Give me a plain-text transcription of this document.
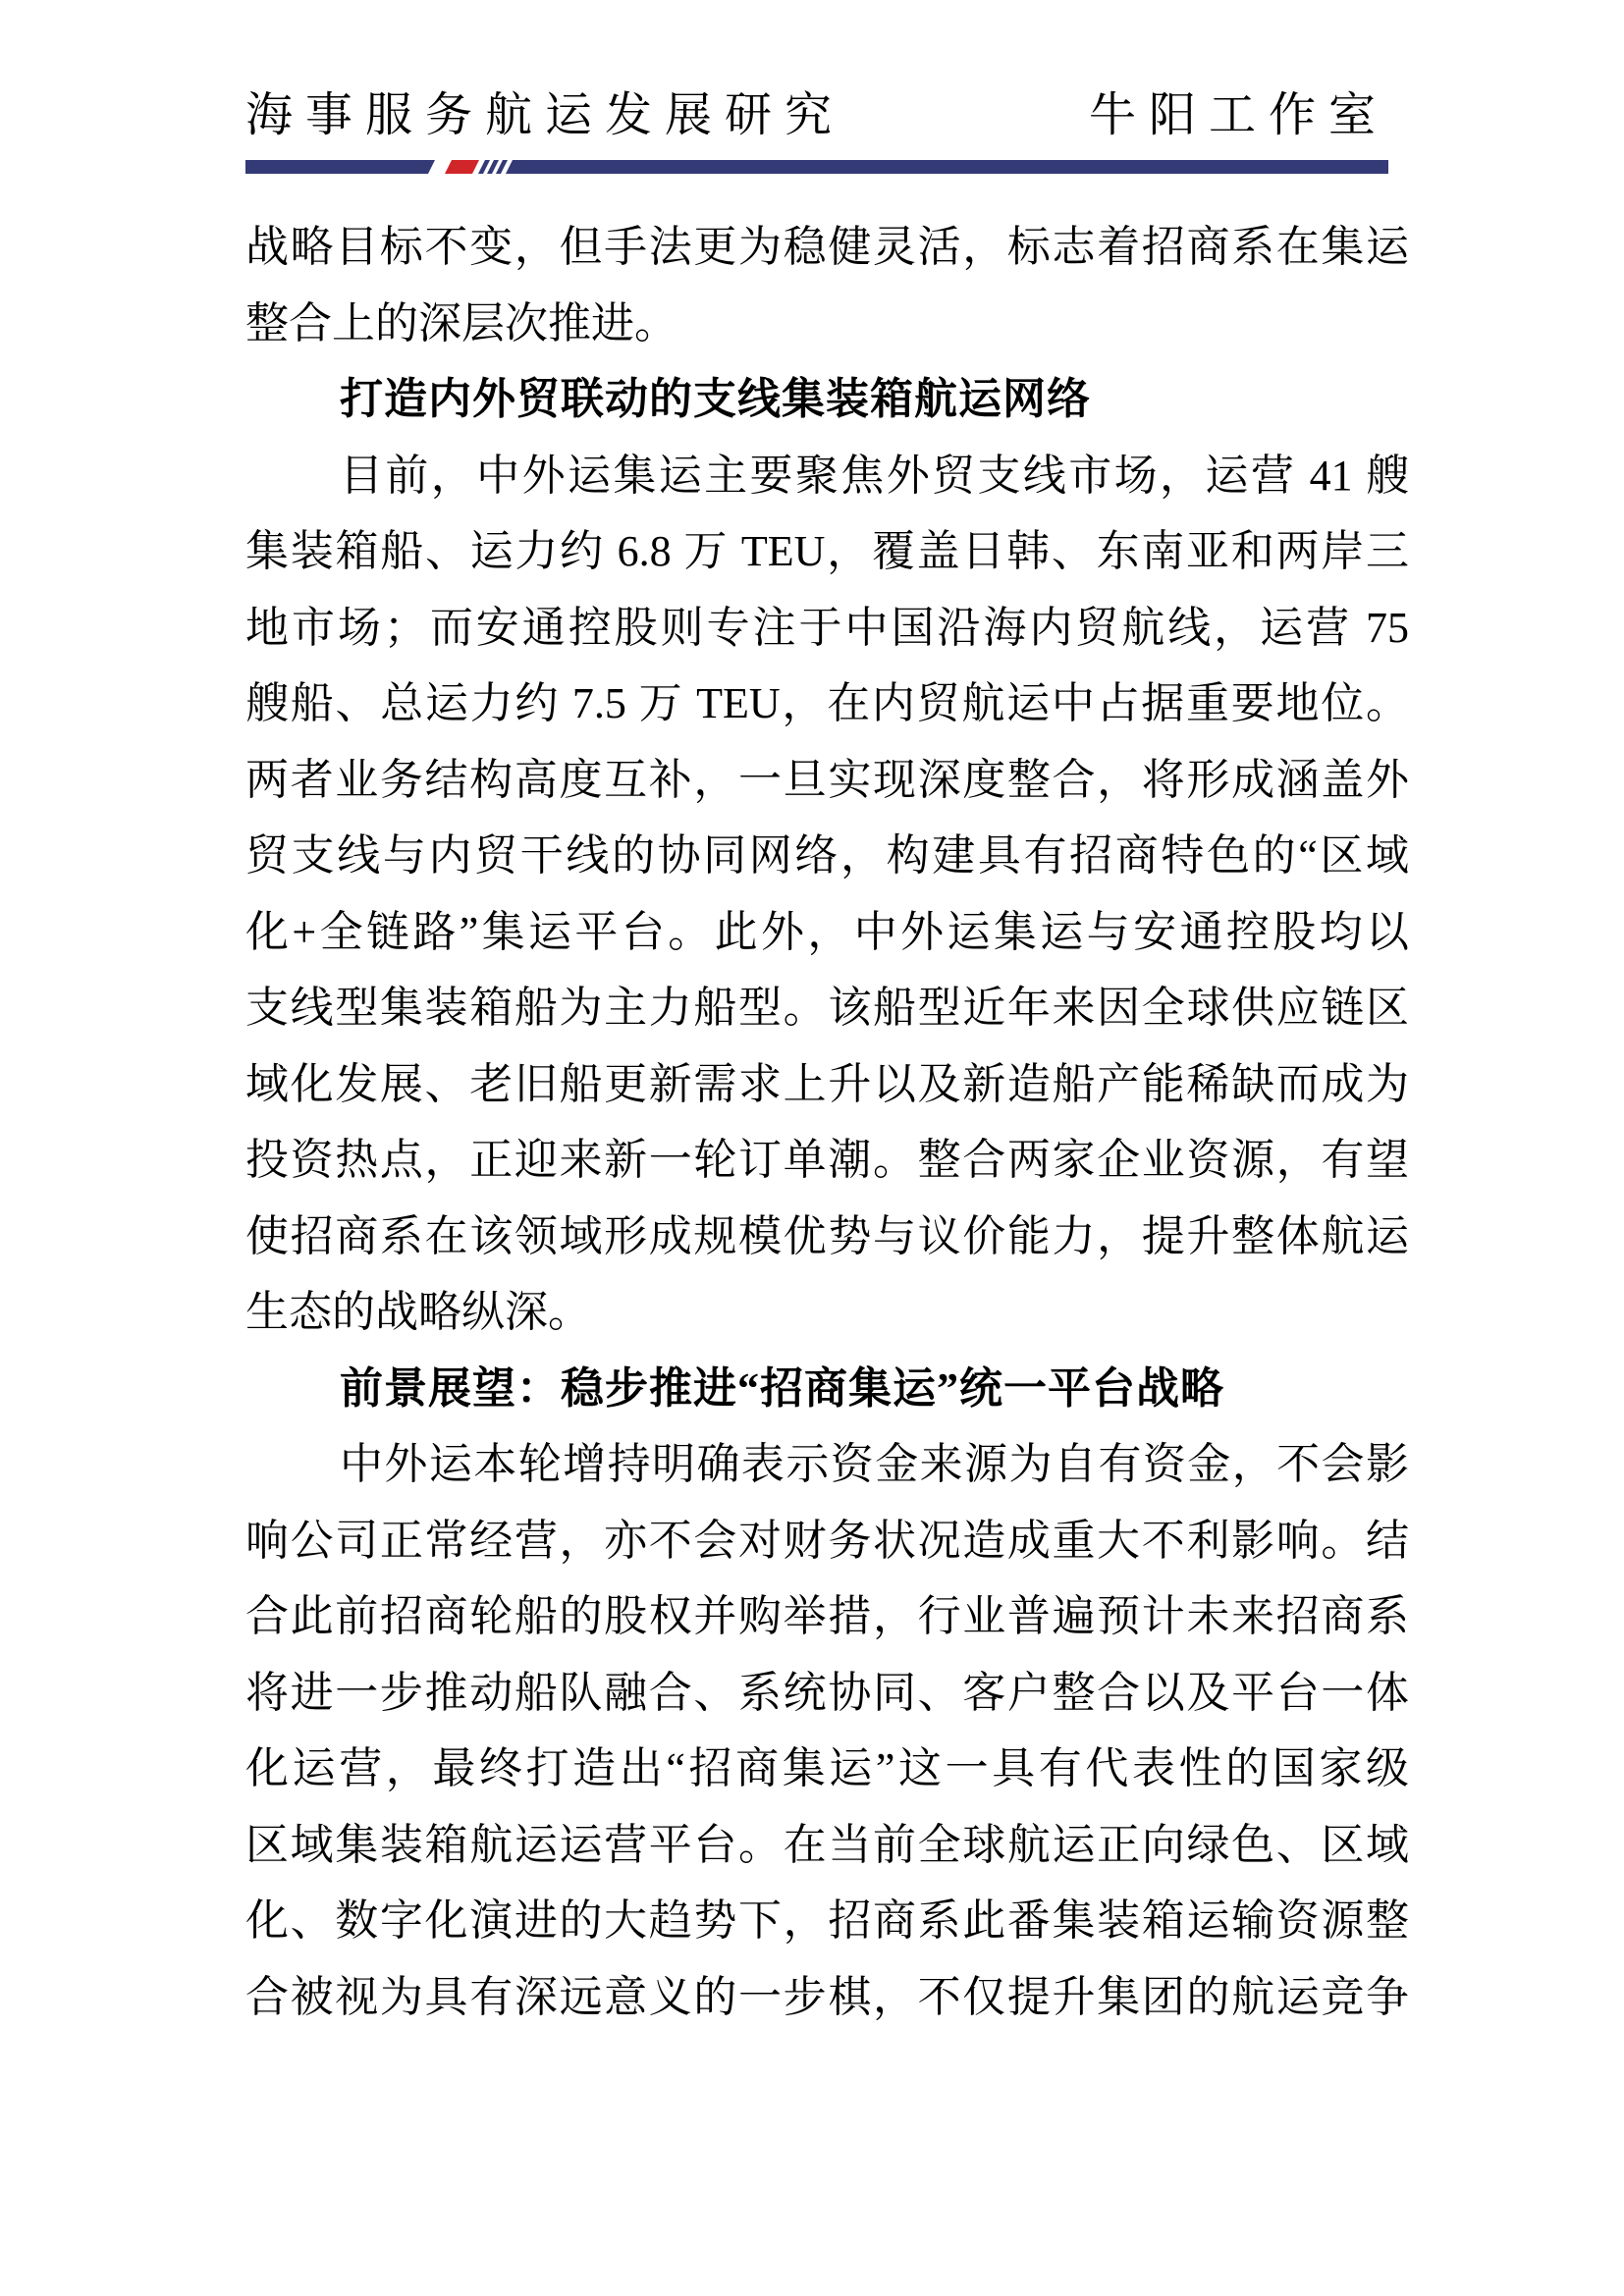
海事服务航运发展研究	牛阳工作室
战略目标不变，但手法更为稳健灵活，标志着招商系在集运
整合上的深层次推进。
打造内外贸联动的支线集装箱航运网络
目前，中外运集运主要聚焦外贸支线市场，运营 41 艘
集装箱船、运力约 6.8 万 TEU，覆盖日韩、东南亚和两岸三
地市场；而安通控股则专注于中国沿海内贸航线，运营 75
艘船、总运力约 7.5 万 TEU，在内贸航运中占据重要地位。
两者业务结构高度互补，一旦实现深度整合，将形成涵盖外
贸支线与内贸干线的协同网络，构建具有招商特色的“区域
化+全链路”集运平台。此外，中外运集运与安通控股均以
支线型集装箱船为主力船型。该船型近年来因全球供应链区
域化发展、老旧船更新需求上升以及新造船产能稀缺而成为
投资热点，正迎来新一轮订单潮。整合两家企业资源，有望
使招商系在该领域形成规模优势与议价能力，提升整体航运
生态的战略纵深。
前景展望：稳步推进“招商集运”统一平台战略
中外运本轮增持明确表示资金来源为自有资金，不会影
响公司正常经营，亦不会对财务状况造成重大不利影响。结
合此前招商轮船的股权并购举措，行业普遍预计未来招商系
将进一步推动船队融合、系统协同、客户整合以及平台一体
化运营，最终打造出“招商集运”这一具有代表性的国家级
区域集装箱航运运营平台。在当前全球航运正向绿色、区域
化、数字化演进的大趋势下，招商系此番集装箱运输资源整
合被视为具有深远意义的一步棋，不仅提升集团的航运竞争
